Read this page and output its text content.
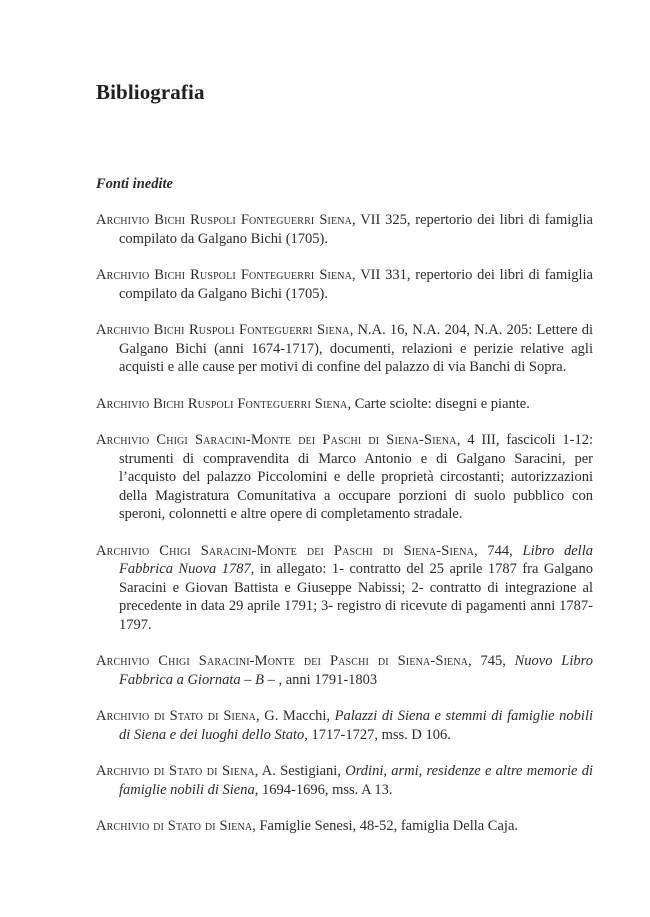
Bibliografia
Fonti inedite
Archivio Bichi Ruspoli Fonteguerri Siena, VII 325, repertorio dei libri di famiglia compilato da Galgano Bichi (1705).
Archivio Bichi Ruspoli Fonteguerri Siena, VII 331, repertorio dei libri di famiglia compilato da Galgano Bichi (1705).
Archivio Bichi Ruspoli Fonteguerri Siena, N.A. 16, N.A. 204, N.A. 205: Lettere di Galgano Bichi (anni 1674-1717), documenti, relazioni e perizie relative agli acquisti e alle cause per motivi di confine del palazzo di via Banchi di Sopra.
Archivio Bichi Ruspoli Fonteguerri Siena, Carte sciolte: disegni e piante.
Archivio Chigi Saracini-Monte dei Paschi di Siena-Siena, 4 III, fascicoli 1-12: strumenti di compravendita di Marco Antonio e di Galgano Saracini, per l’acquisto del palazzo Piccolomini e delle proprietà circostanti; autorizzazioni della Magistratura Comunitativa a occupare porzioni di suolo pubblico con speroni, colonnetti e altre opere di completamento stradale.
Archivio Chigi Saracini-Monte dei Paschi di Siena-Siena, 744, Libro della Fabbrica Nuova 1787, in allegato: 1- contratto del 25 aprile 1787 fra Galgano Saracini e Giovan Battista e Giuseppe Nabissi; 2- contratto di integrazione al precedente in data 29 aprile 1791; 3- registro di ricevute di pagamenti anni 1787-1797.
Archivio Chigi Saracini-Monte dei Paschi di Siena-Siena, 745, Nuovo Libro Fabbrica a Giornata – B – , anni 1791-1803
Archivio di Stato di Siena, G. Macchi, Palazzi di Siena e stemmi di famiglie nobili di Siena e dei luoghi dello Stato, 1717-1727, mss. D 106.
Archivio di Stato di Siena, A. Sestigiani, Ordini, armi, residenze e altre memorie di famiglie nobili di Siena, 1694-1696, mss. A 13.
Archivio di Stato di Siena, Famiglie Senesi, 48-52, famiglia Della Caja.
